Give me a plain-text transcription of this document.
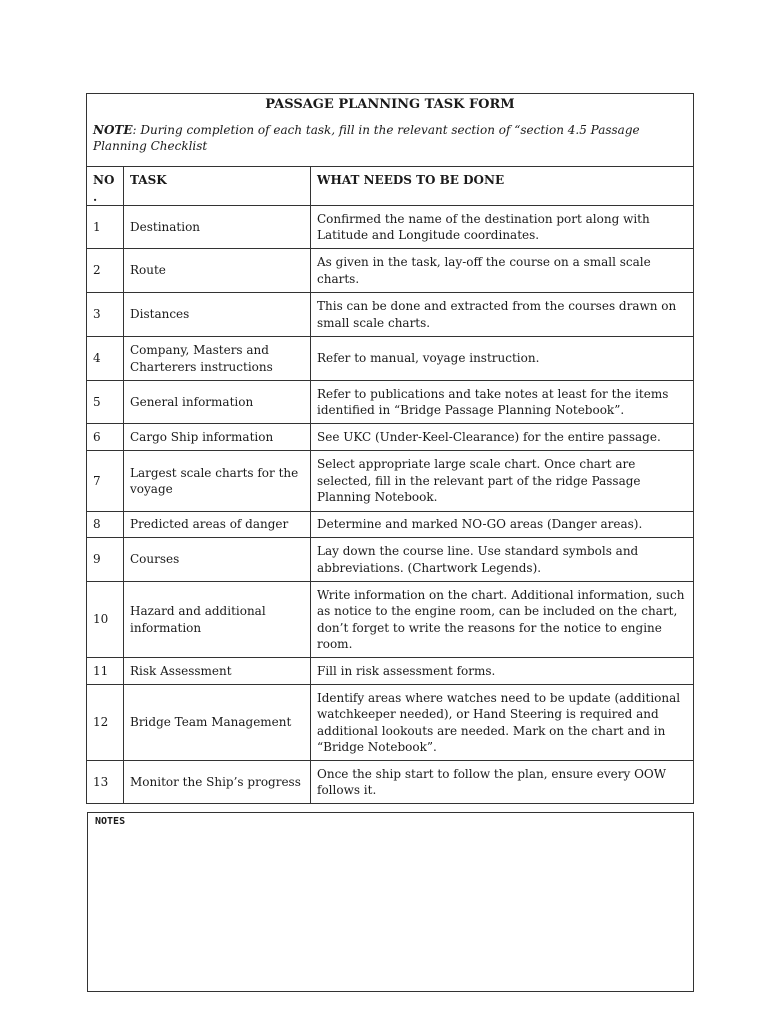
PASSAGE PLANNING TASK FORM		
NOTE: During completion of each task, fill in the relevant section of “section 4.5 Passage Planning Checklist		
NO.	TASK	WHAT NEEDS TO BE DONE
1	Destination	Confirmed the name of the destination port along with Latitude and Longitude coordinates.
2	Route	As given in the task, lay-off the course on a small scale charts.
3	Distances	This can be done and extracted from the courses drawn on small scale charts.
4	Company, Masters and Charterers instructions	Refer to manual, voyage instruction.
5	General information	Refer to publications and take notes at least for the items identified in “Bridge Passage Planning Notebook”.
6	Cargo Ship information	See UKC (Under-Keel-Clearance) for the entire passage.
7	Largest scale charts for the voyage	Select appropriate large scale chart. Once chart are selected, fill in the relevant part of the ridge Passage Planning Notebook.
8	Predicted areas of danger	Determine and marked NO-GO areas (Danger areas).
9	Courses	Lay down the course line. Use standard symbols and abbreviations. (Chartwork Legends).
10	Hazard and additional information	Write information on the chart. Additional information, such as notice to the engine room, can be included on the chart, don’t forget to write the reasons for the notice to engine room.
11	Risk Assessment	Fill in risk assessment forms.
12	Bridge Team Management	Identify areas where watches need to be update (additional watchkeeper needed), or Hand Steering is required and additional lookouts are needed. Mark on the chart and in “Bridge Notebook”.
13	Monitor the Ship’s progress	Once the ship start to follow the plan, ensure every OOW follows it.
NOTES
